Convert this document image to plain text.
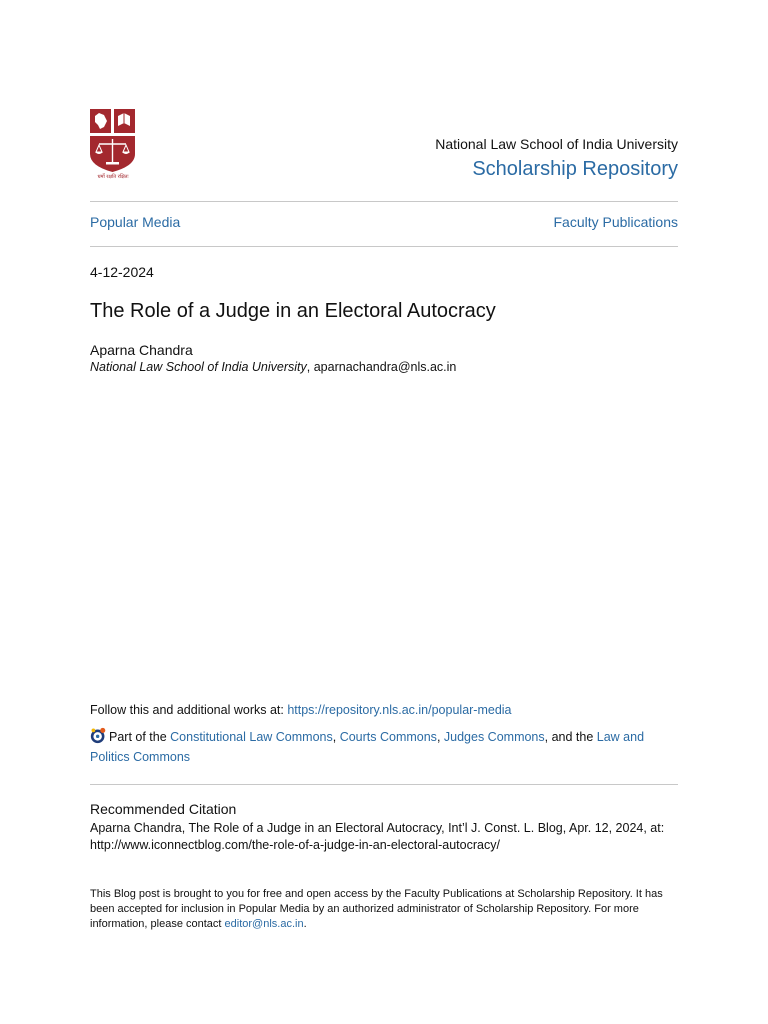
धर्मो रक्षति रक्षितः
National Law School of India University
Scholarship Repository
Popular Media	Faculty Publications
4-12-2024
The Role of a Judge in an Electoral Autocracy
Aparna Chandra
National Law School of India University, aparnachandra@nls.ac.in
Follow this and additional works at: https://repository.nls.ac.in/popular-media
Part of the Constitutional Law Commons, Courts Commons, Judges Commons, and the Law and Politics Commons
Recommended Citation
Aparna Chandra, The Role of a Judge in an Electoral Autocracy, Int’l J. Const. L. Blog, Apr. 12, 2024, at: http://www.iconnectblog.com/the-role-of-a-judge-in-an-electoral-autocracy/
This Blog post is brought to you for free and open access by the Faculty Publications at Scholarship Repository. It has been accepted for inclusion in Popular Media by an authorized administrator of Scholarship Repository. For more information, please contact editor@nls.ac.in.
